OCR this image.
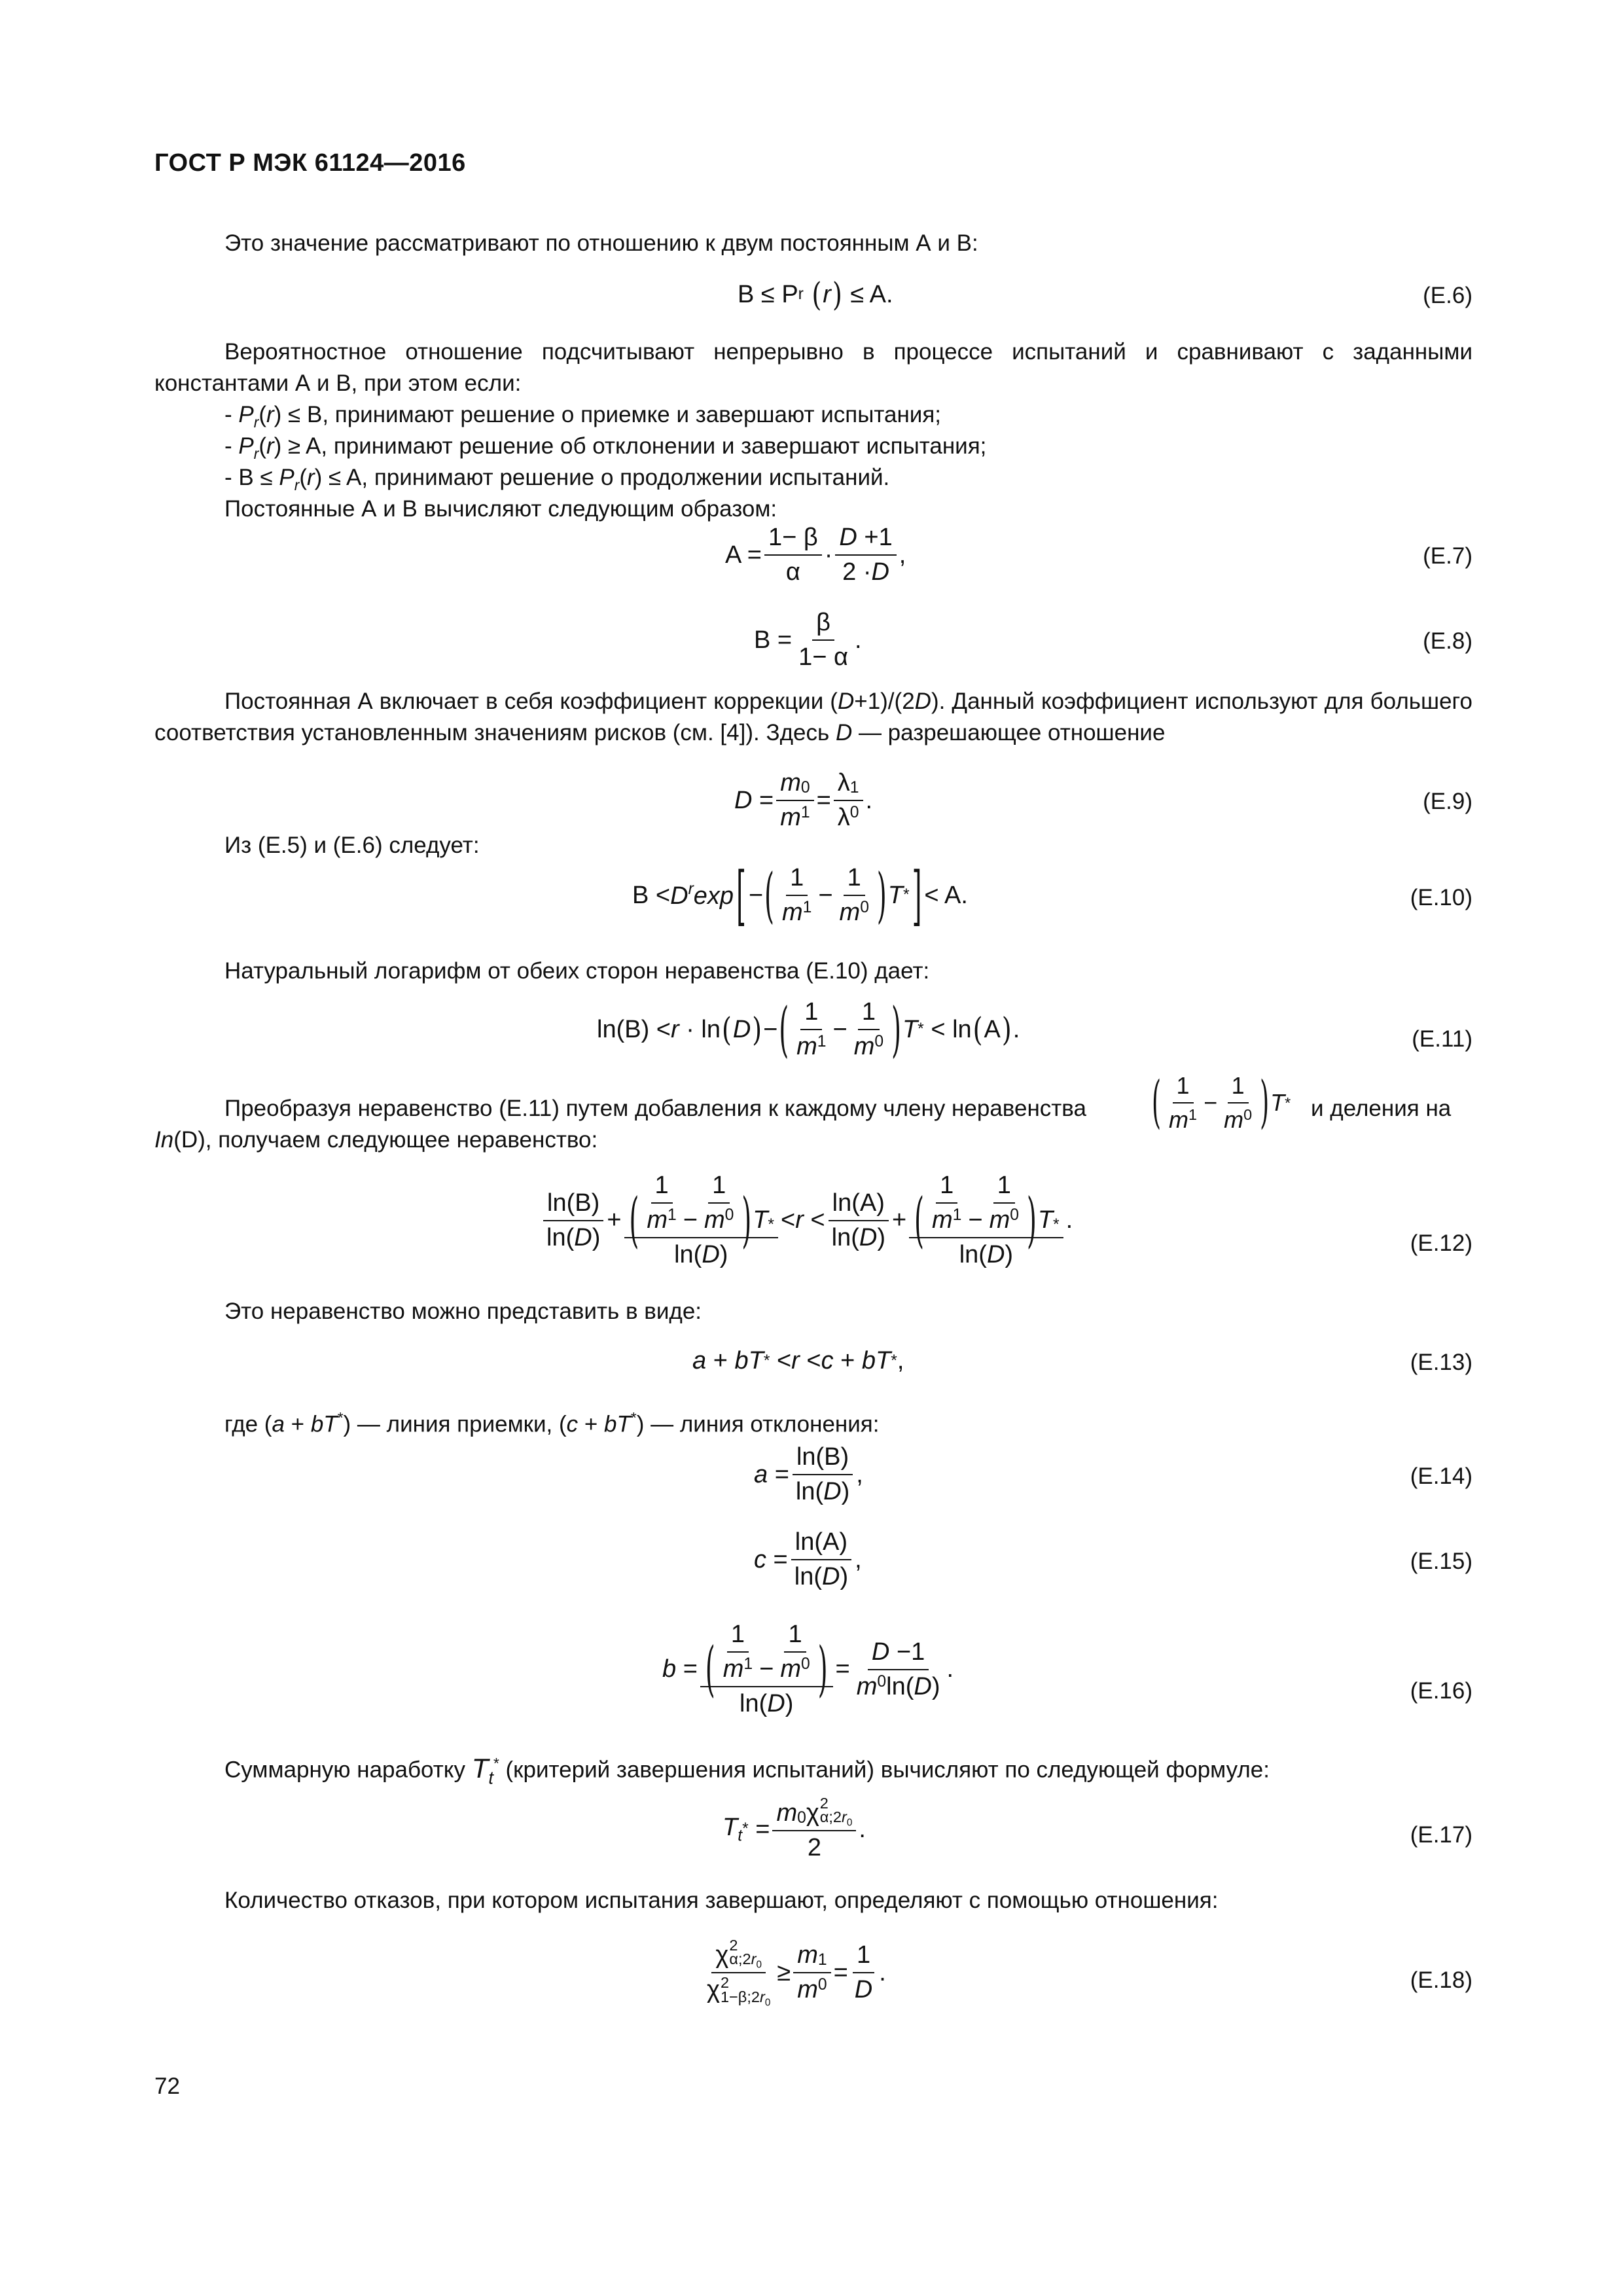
ГОСТ Р МЭК 61124—2016
Это значение рассматривают по отношению к двум постоянным А и В:
B ≤ P r
( r ) ≤ A.	(Е.6)
Вероятностное отношение подсчитывают непрерывно в процессе испытаний и сравнивают с заданными константами А и В, при этом если:
- $P_r(r) \le B$, принимают решение о приемке и завершают испытания;
- $P_r(r) \ge A$, принимают решение об отклонении и завершают испытания;
- $B \le P_r(r) \le A$, принимают решение о продолжении испытаний.
Постоянные А и В вычисляют следующим образом:
A =
1− β
α
·
D +1
2 · D
,	(Е.7)
B =
β
1− α
.	(Е.8)
Постоянная А включает в себя коэффициент коррекции (D+1)/(2D). Данный коэффициент используют для большего соответствия установленным значениям рисков (см. [4]). Здесь D — разрешающее отношение
D =
m 0
m 1 =
λ 1
λ 0 .	(Е.9)
Из (Е.5) и (Е.6) следует:
$B < D^r\exp$ [ − ( 1
m 1 −
1
m 0 ) T * ] < A.	(Е.10)
Натуральный логарифм от обеих сторон неравенства (Е.10) дает:
ln(B) < r · ln ( D ) − ( 1
m 1 −
1
m 0 ) T * < ln ( A ) .	(Е.11)
Преобразуя неравенство (Е.11) путем добавления к каждому члену неравенства	( 1
$m^1$ −
1
$m^0$ ) T * и деления на
In(D), получаем следующее неравенство:
ln(B)
ln( D )
+ (
1
m 1 −
1
m 0 ) T *
ln( D )
< r <
ln(A)
ln( D )
+ (
1
m 1 −
1
m 0 ) T *
ln( D )
.
(Е.12)
Это неравенство можно представить в виде:
a + bT * < r < c + bT * ,	(Е.13)
где (a + bT*) — линия приемки, (c + bT*) — линия отклонения:
a =
ln(B)
ln( D )
,	(Е.14)
c =
ln(A)
ln( D )
,	(Е.15)
b = (
1
m 1 −
1
m 0 )
ln( D )
=
D −1
m 0 ln( D )
.
(Е.16)
Суммарную наработку $T_t^*$ (критерий завершения испытаний) вычисляют по следующей формуле:
$T_t$ * =
m 0 χ 2
$\alpha;2r_0$
2
.	(Е.17)
Количество отказов, при котором испытания завершают, определяют с помощью отношения:
χ 2
$\alpha;2r_0$
χ 2
$1-\beta;2r_0$
≥
m 1
m 0 =
1
D
.	(Е.18)
72
